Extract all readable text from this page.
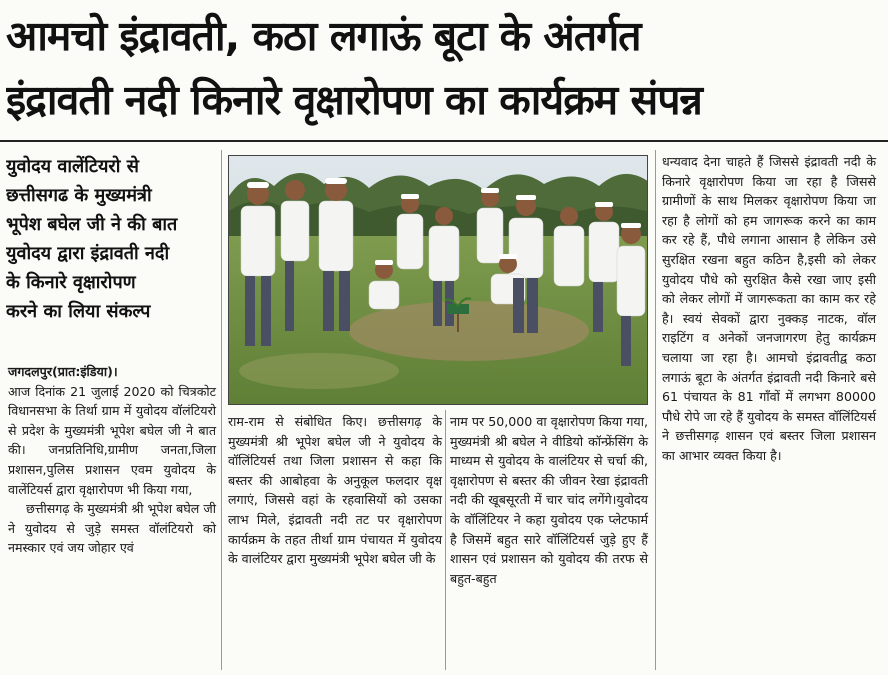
आमचो इंद्रावती, कठा लगाऊं बूटा के अंतर्गत
इंद्रावती नदी किनारे वृक्षारोपण का कार्यक्रम संपन्न
युवोदय वालेंटियरो से
छत्तीसगढ के मुख्यमंत्री
भूपेश बघेल जी ने की बात
युवोदय द्वारा इंद्रावती नदी
के किनारे वृक्षारोपण
करने का लिया संकल्प

जगदलपुर(प्रात:इंडिया)।

आज दिनांक 21 जुलाई 2020 को चित्रकोट विधानसभा के तिर्था ग्राम में युवोदय वॉलंटियरो से प्रदेश के मुख्यमंत्री भूपेश बघेल जी ने बात की। जनप्रतिनिधि,ग्रामीण जनता,जिला प्रशासन,पुलिस प्रशासन एवम युवोदय के वालेंटियर्स द्वारा वृक्षारोपण भी किया गया,

छत्तीसगढ़ के मुख्यमंत्री श्री भूपेश बघेल जी ने युवोदय से जुड़े समस्त वॉलंटियरो को नमस्कार एवं जय जोहार एवं

राम-राम से संबोधित किए। छत्तीसगढ़ के मुख्यमंत्री श्री भूपेश बघेल जी ने युवोदय के वॉलिंटियर्स तथा जिला प्रशासन से कहा कि बस्तर की आबोहवा के अनुकूल फलदार वृक्ष लगाएं, जिससे वहां के रहवासियों को उसका लाभ मिले, इंद्रावती नदी तट पर वृक्षारोपण कार्यक्रम के तहत तीर्था ग्राम पंचायत में युवोदय के वालंटियर द्वारा मुख्यमंत्री भूपेश बघेल जी के

नाम पर 50,000 वा वृक्षारोपण किया गया, मुख्यमंत्री श्री बघेल ने वीडियो कॉन्फ्रेंसिंग के माध्यम से युवोदय के वालंटियर से चर्चा की, वृक्षारोपण से बस्तर की जीवन रेखा इंद्रावती नदी की खूबसूरती में चार चांद लगेंगे।युवोदय के वॉलिंटियर ने कहा युवोदय एक प्लेटफार्म है जिसमें बहुत सारे वॉलिंटियर्स जुड़े हुए हैं शासन एवं प्रशासन को युवोदय की तरफ से बहुत-बहुत

धन्यवाद देना चाहते हैं जिससे इंद्रावती नदी के किनारे वृक्षारोपण किया जा रहा है जिससे ग्रामीणों के साथ मिलकर वृक्षारोपण किया जा रहा है लोगों को हम जागरूक करने का काम कर रहे हैं, पौधे लगाना आसान है लेकिन उसे सुरक्षित रखना बहुत कठिन है,इसी को लेकर युवोदय पौधे को सुरक्षित कैसे रखा जाए इसी को लेकर लोगों में जागरूकता का काम कर रहे है। स्वयं सेवकों द्वारा नुक्कड़ नाटक, वॉल राइटिंग व अनेकों जनजागरण हेतु कार्यक्रम चलाया जा रहा है। आमचो इंद्रावतीद्व कठा लगाऊं बूटा के अंतर्गत इंद्रावती नदी किनारे बसे 61 पंचायत के 81 गाँवों में लगभग 80000 पौधे रोपे जा रहे हैं युवोदय के समस्त वॉलिंटियर्स ने छत्तीसगढ़ शासन एवं बस्तर जिला प्रशासन का आभार व्यक्त किया है।
